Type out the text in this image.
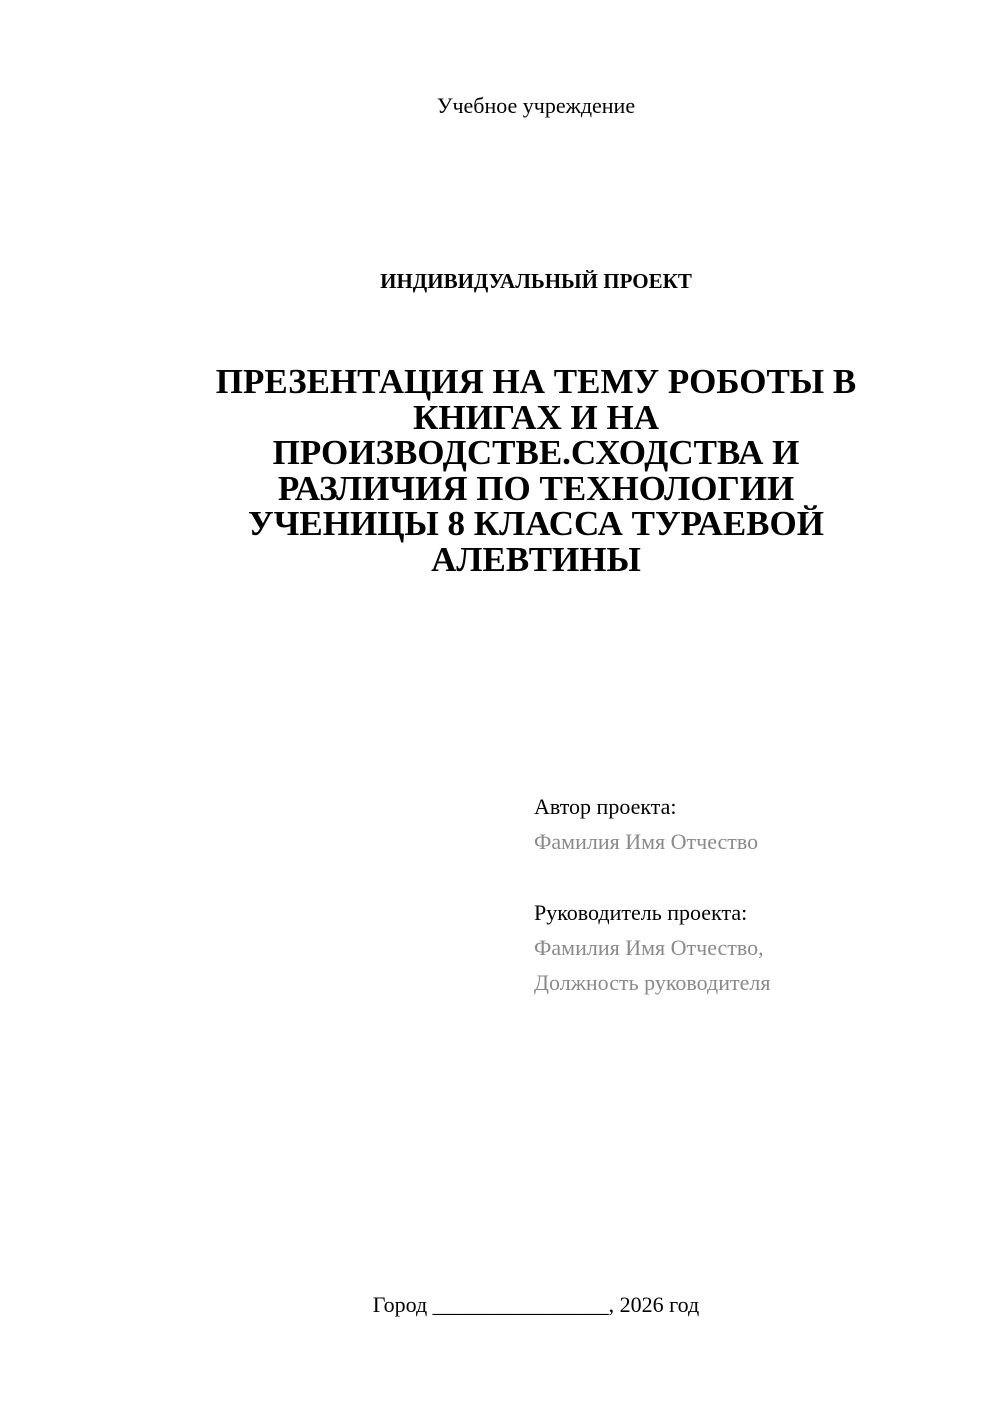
Учебное учреждение
ИНДИВИДУАЛЬНЫЙ ПРОЕКТ
ПРЕЗЕНТАЦИЯ НА ТЕМУ РОБОТЫ В
КНИГАХ И НА
ПРОИЗВОДСТВЕ.СХОДСТВА И
РАЗЛИЧИЯ ПО ТЕХНОЛОГИИ
УЧЕНИЦЫ 8 КЛАССА ТУРАЕВОЙ
АЛЕВТИНЫ

Автор проекта:

Фамилия Имя Отчество

Руководитель проекта:

Фамилия Имя Отчество,

Должность руководителя

Город ________________, 2026 год
